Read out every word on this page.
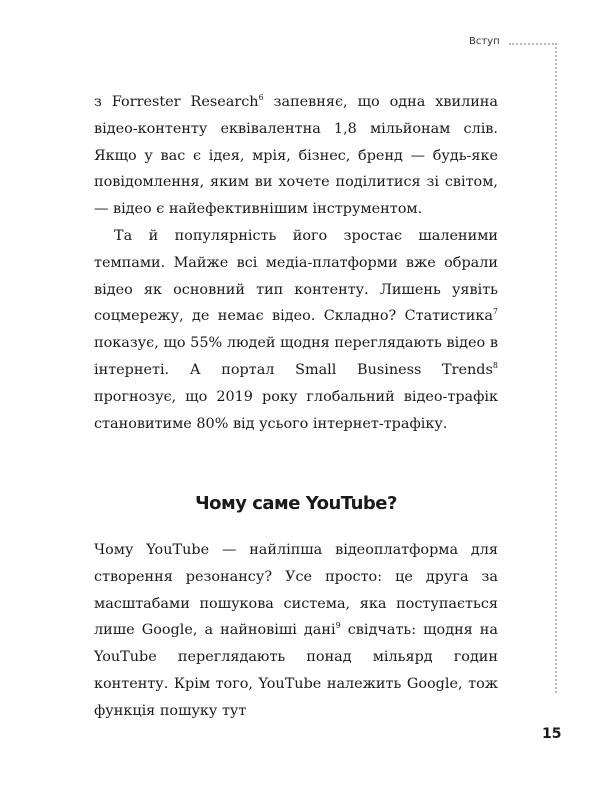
Вступ

з Forrester Research$^6$ запевняє, що одна хвилина відео-контенту еквівалентна 1,8 мільйонам слів. Якщо у вас є ідея, мрія, бізнес, бренд — будь-яке повідомлення, яким ви хочете поділитися зі світом, — відео є найефективнішим інструментом.

Та й популярність його зростає шаленими темпами. Майже всі медіа-платформи вже обрали відео як основний тип контенту. Лишень уявіть соцмережу, де немає відео. Складно? Статистика$^7$ показує, що 55% людей щодня переглядають відео в інтернеті. А портал Small Business Trends$^8$ прогнозує, що 2019 року глобальний відео-трафік становитиме 80% від усього інтернет-трафіку.

Чому саме YouTube?

Чому YouTube — найліпша відеоплатформа для створення резонансу? Усе просто: це друга за масштабами пошукова система, яка поступається лише Google, а найновіші дані$^9$ свідчать: щодня на YouTube переглядають понад мільярд годин контенту. Крім того, YouTube належить Google, тож функція пошуку тут

15
